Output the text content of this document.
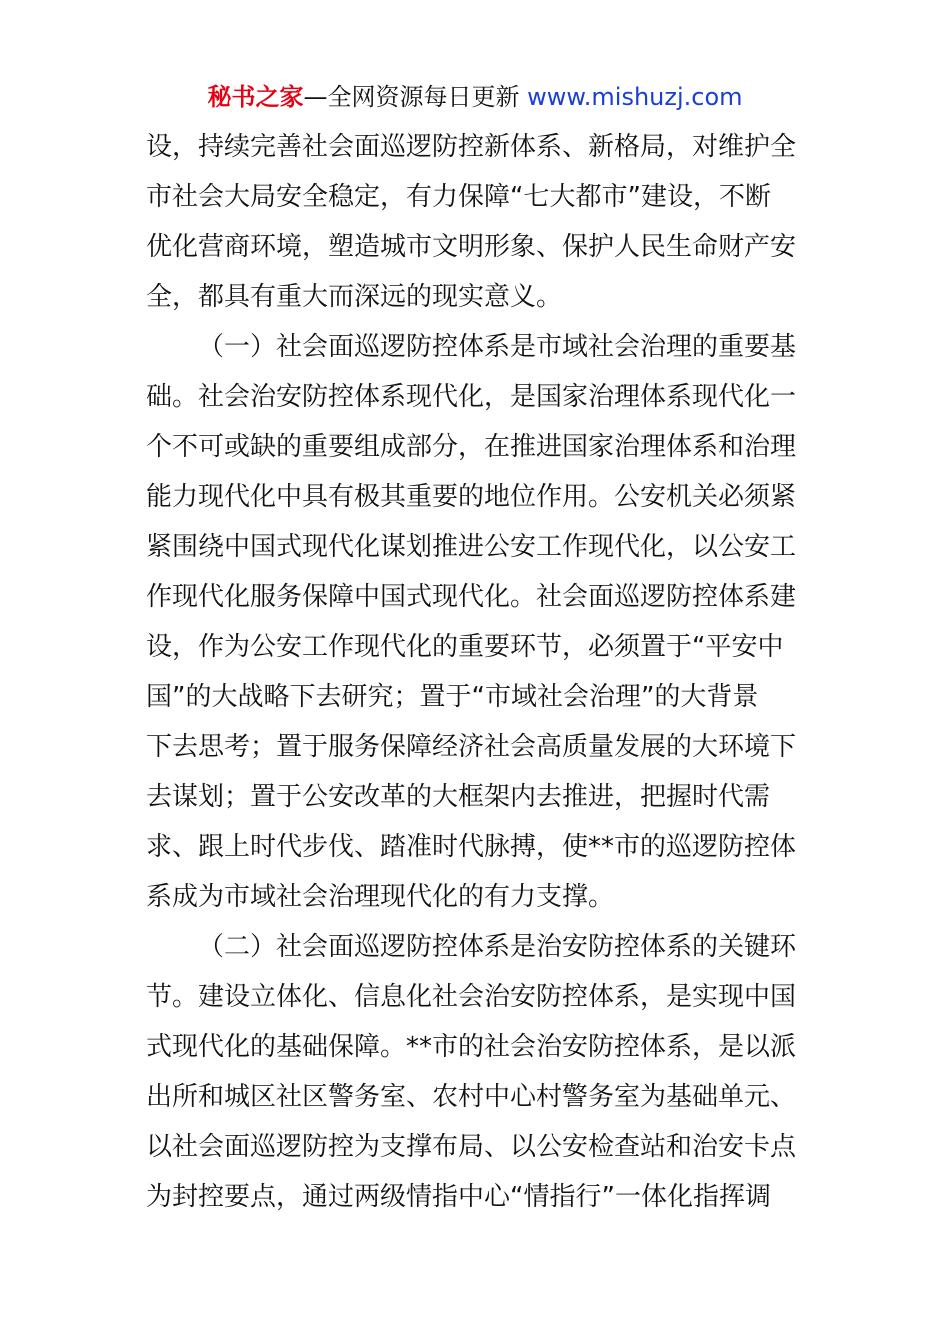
秘书之家—全网资源每日更新 www.mishuzj.com
设，持续完善社会面巡逻防控新体系、新格局，对维护全
市社会大局安全稳定，有力保障“七大都市”建设，不断
优化营商环境，塑造城市文明形象、保护人民生命财产安
全，都具有重大而深远的现实意义。
（一）社会面巡逻防控体系是市域社会治理的重要基
础。社会治安防控体系现代化，是国家治理体系现代化一
个不可或缺的重要组成部分，在推进国家治理体系和治理
能力现代化中具有极其重要的地位作用。公安机关必须紧
紧围绕中国式现代化谋划推进公安工作现代化，以公安工
作现代化服务保障中国式现代化。社会面巡逻防控体系建
设，作为公安工作现代化的重要环节，必须置于“平安中
国”的大战略下去研究；置于“市域社会治理”的大背景
下去思考；置于服务保障经济社会高质量发展的大环境下
去谋划；置于公安改革的大框架内去推进，把握时代需
求、跟上时代步伐、踏准时代脉搏，使**市的巡逻防控体
系成为市域社会治理现代化的有力支撑。
（二）社会面巡逻防控体系是治安防控体系的关键环
节。建设立体化、信息化社会治安防控体系，是实现中国
式现代化的基础保障。**市的社会治安防控体系，是以派
出所和城区社区警务室、农村中心村警务室为基础单元、
以社会面巡逻防控为支撑布局、以公安检查站和治安卡点
为封控要点，通过两级情指中心“情指行”一体化指挥调
